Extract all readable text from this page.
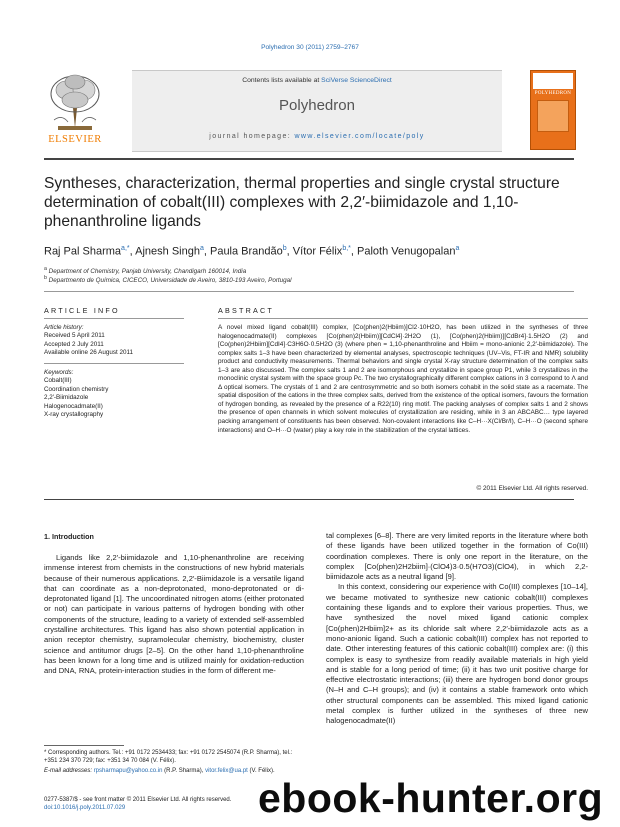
Polyhedron 30 (2011) 2759–2767
ELSEVIER
Contents lists available at SciVerse ScienceDirect
Polyhedron
journal homepage: www.elsevier.com/locate/poly
POLYHEDRON
Syntheses, characterization, thermal properties and single crystal structure determination of cobalt(III) complexes with 2,2′-biimidazole and 1,10-phenanthroline ligands
Raj Pal Sharma$^{a,*}$, Ajnesh Singh$^a$, Paula Brandão$^b$, Vítor Félix$^{b,*}$, Paloth Venugopalan$^a$
$^a$ Department of Chemistry, Panjab University, Chandigarh 160014, India
$^b$ Departmento de Química, CICECO, Universidade de Aveiro, 3810-193 Aveiro, Portugal
ARTICLE INFO	ABSTRACT
Article history:
Received 5 April 2011
Accepted 2 July 2011
Available online 26 August 2011
Keywords:
Cobalt(III)
Coordination chemistry
2,2′-Biimidazole
Halogenocadmate(II)
X-ray crystallography
A novel mixed ligand cobalt(III) complex, [Co(phen)2(Hbiim)]Cl2·10H2O, has been utilized in the syntheses of three halogenocadmate(II) complexes [Co(phen)2(Hbiim)][CdCl4]·2H2O (1), [Co(phen)2(Hbiim)][CdBr4]·1.5H2O (2) and [Co(phen)2Hbiim][CdI4]·C3H6O·0.5H2O (3) (where phen = 1,10-phenanthroline and Hbiim = mono-anionic 2,2′-biimidazole). The complex salts 1–3 have been characterized by elemental analyses, spectroscopic techniques (UV–Vis, FT-IR and NMR) solubility product and conductivity measurements. Thermal behaviors and single crystal X-ray structure determination of the complex salts 1–3 are also discussed. The complex salts 1 and 2 are isomorphous and crystallize in space group P1, while 3 crystallizes in the monoclinic crystal system with the space group Pc. The two crystallographically different complex cations in 3 correspond to Λ and Δ optical isomers. The crystals of 1 and 2 are centrosymmetric and so both isomers cohabit in the solid state as a racemate. The spatial disposition of the cations in the three complex salts, derived from the existence of the optical isomers, favours the formation of hydrogen bonding, as revealed by the presence of a R22(10) ring motif. The packing analyses of complex salts 1 and 2 shows the presence of open channels in which solvent molecules of crystallization are residing, while in 3 an ABCABC… type layered packing arrangement of constituents has been observed. Non-covalent interactions like C–H···X(Cl/Br/I), C–H···O (second sphere interactions) and O–H···O (water) play a key role in the stabilization of the crystal lattices.
© 2011 Elsevier Ltd. All rights reserved.
1. Introduction

Ligands like 2,2′-biimidazole and 1,10-phenanthroline are receiving immense interest from chemists in the constructions of new hybrid materials because of their numerous applications. 2,2′-Biimidazole is a versatile ligand that can coordinate as a non-deprotonated, mono-deprotonated or di-deprotonated ligand [1]. The uncoordinated nitrogen atoms (either protonated or not) can participate in various patterns of hydrogen bonding with other components of the structure, leading to a variety of extended self-assembled crystalline architectures. This ligand has also shown potential application in anion receptor chemistry, supramolecular chemistry, biochemistry, cluster science and antitumor drugs [2–5]. On the other hand 1,10-phenanthroline has been known for a long time and is utilized mainly for oxidation-reduction and DNA, RNA, protein-interaction studies in the form of different me-

tal complexes [6–8]. There are very limited reports in the literature where both of these ligands have been utilized together in the formation of Co(III) coordination complexes. There is only one report in the literature, on the complex [Co(phen)2H2biim]·(ClO4)3·0.5(H7O3)(ClO4), in which 2,2-biimidazole acts as a neutral ligand [9].

In this context, considering our experience with Co(III) complexes [10–14], we became motivated to synthesize new cationic cobalt(III) complexes containing these ligands and to explore their various properties. Thus, we have synthesized the novel mixed ligand cationic complex [Co(phen)2Hbiim]2+ as its chloride salt where 2,2′-biimidazole acts as a mono-anionic ligand. Such a cationic cobalt(III) complex has not reported to date. Other interesting features of this cationic cobalt(III) complex are: (i) this complex is easy to synthesize from readily available materials in high yield and is stable for a long period of time; (ii) it has two unit positive charge for effective electrostatic interactions; (iii) there are hydrogen bond donor groups (N–H and C–H groups); and (iv) it contains a stable framework onto which other structural components can be assembled. This mixed ligand cationic metal complex is further utilized in the syntheses of three new halogenocadmate(II)

* Corresponding authors. Tel.: +91 0172 2534433; fax: +91 0172 2545074 (R.P. Sharma), tel.: +351 234 370 729; fax: +351 34 70 084 (V. Félix).
E-mail addresses: rpsharmapu@yahoo.co.in (R.P. Sharma), vitor.felix@ua.pt (V. Félix).
0277-5387/$ - see front matter © 2011 Elsevier Ltd. All rights reserved.
doi:10.1016/j.poly.2011.07.029	ebook-hunter.org
